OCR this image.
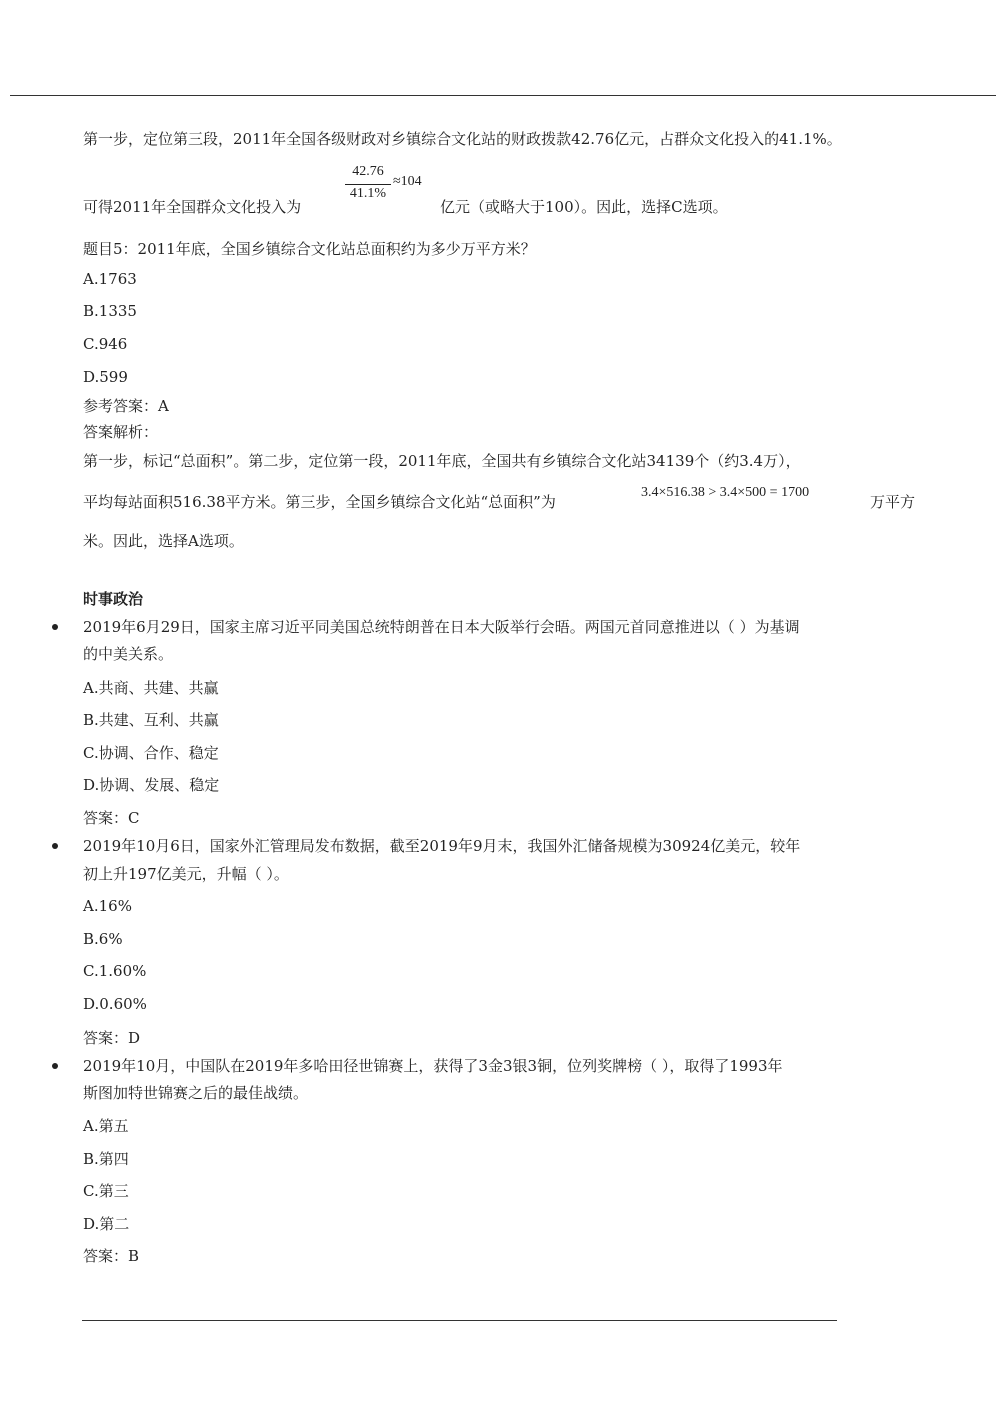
第一步，定位第三段，2011年全国各级财政对乡镇综合文化站的财政拨款42.76亿元，占群众文化投入的41.1%。
可得2011年全国群众文化投入为
42.76
41.1%
≈104
亿元（或略大于100）。因此，选择C选项。
题目5：2011年底，全国乡镇综合文化站总面积约为多少万平方米？
A.1763
B.1335
C.946
D.599
参考答案：A
答案解析：
第一步，标记“总面积”。第二步，定位第一段，2011年底，全国共有乡镇综合文化站34139个（约3.4万），
平均每站面积516.38平方米。第三步，全国乡镇综合文化站“总面积”为
3.4×516.38 > 3.4×500 = 1700
万平方
米。因此，选择A选项。
时事政治
2019年6月29日，国家主席习近平同美国总统特朗普在日本大阪举行会晤。两国元首同意推进以（ ）为基调
的中美关系。
A.共商、共建、共赢
B.共建、互利、共赢
C.协调、合作、稳定
D.协调、发展、稳定
答案：C
2019年10月6日，国家外汇管理局发布数据，截至2019年9月末，我国外汇储备规模为30924亿美元，较年
初上升197亿美元，升幅（ ）。
A.16%
B.6%
C.1.60%
D.0.60%
答案：D
2019年10月，中国队在2019年多哈田径世锦赛上，获得了3金3银3铜，位列奖牌榜（ ），取得了1993年
斯图加特世锦赛之后的最佳战绩。
A.第五
B.第四
C.第三
D.第二
答案：B
